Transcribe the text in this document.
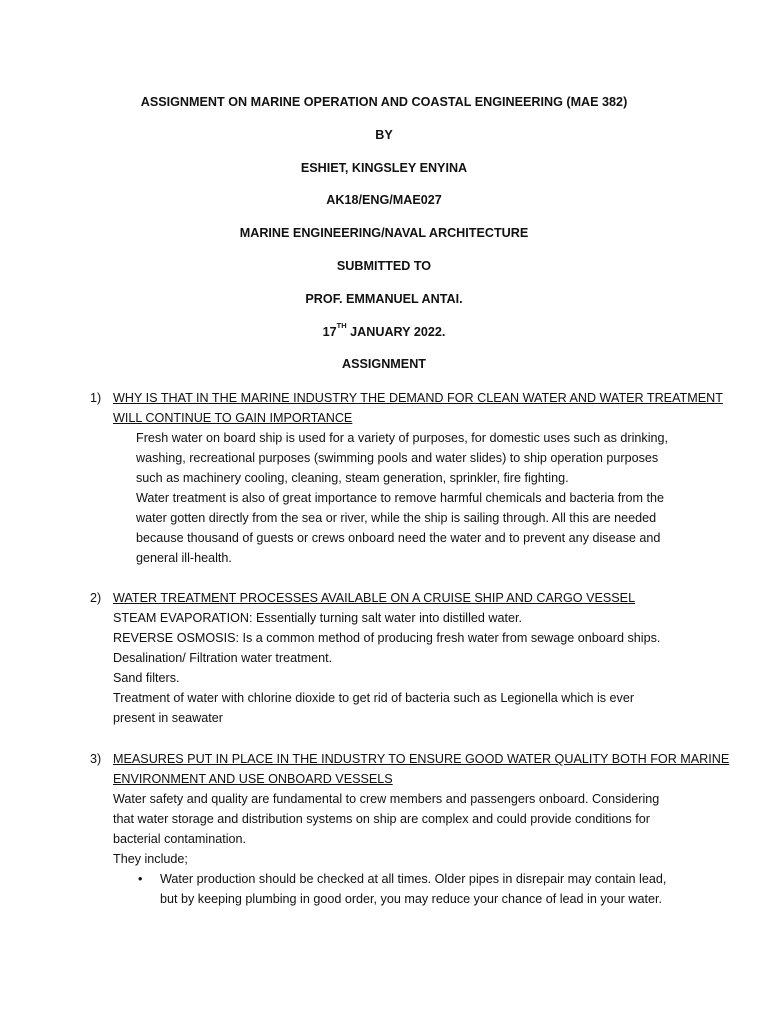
ASSIGNMENT ON MARINE OPERATION AND COASTAL ENGINEERING (MAE 382)
BY
ESHIET, KINGSLEY ENYINA
AK18/ENG/MAE027
MARINE ENGINEERING/NAVAL ARCHITECTURE
SUBMITTED TO
PROF. EMMANUEL ANTAI.
17TH JANUARY 2022.
ASSIGNMENT
1) WHY IS THAT IN THE MARINE INDUSTRY THE DEMAND FOR CLEAN WATER AND WATER TREATMENT
WILL CONTINUE TO GAIN IMPORTANCE
Fresh water on board ship is used for a variety of purposes, for domestic uses such as drinking,
washing, recreational purposes (swimming pools and water slides) to ship operation purposes
such as machinery cooling, cleaning, steam generation, sprinkler, fire fighting.
Water treatment is also of great importance to remove harmful chemicals and bacteria from the
water gotten directly from the sea or river, while the ship is sailing through. All this are needed
because thousand of guests or crews onboard need the water and to prevent any disease and
general ill-health.
2) WATER TREATMENT PROCESSES AVAILABLE ON A CRUISE SHIP AND CARGO VESSEL
STEAM EVAPORATION: Essentially turning salt water into distilled water.
REVERSE OSMOSIS: Is a common method of producing fresh water from sewage onboard ships.
Desalination/ Filtration water treatment.
Sand filters.
Treatment of water with chlorine dioxide to get rid of bacteria such as Legionella which is ever
present in seawater
3) MEASURES PUT IN PLACE IN THE INDUSTRY TO ENSURE GOOD WATER QUALITY BOTH FOR MARINE
ENVIRONMENT AND USE ONBOARD VESSELS
Water safety and quality are fundamental to crew members and passengers onboard. Considering
that water storage and distribution systems on ship are complex and could provide conditions for
bacterial contamination.
They include;
• Water production should be checked at all times. Older pipes in disrepair may contain lead,
but by keeping plumbing in good order, you may reduce your chance of lead in your water.
